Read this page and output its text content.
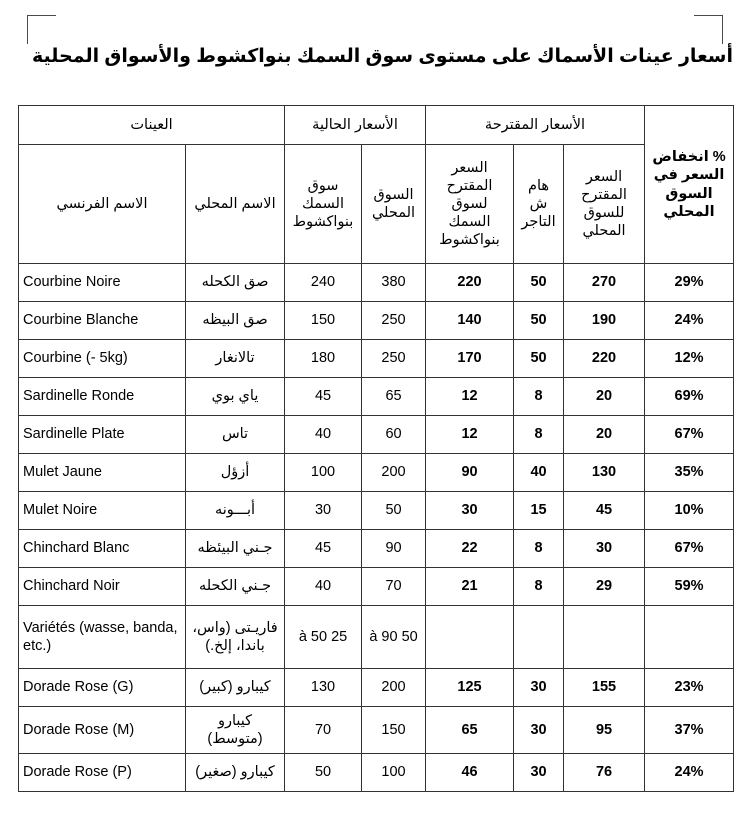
أسعار عينات الأسماك على مستوى سوق السمك بنواكشوط والأسواق المحلية
% انخفاض السعر في السوق المحلي	الأسعار المقترحة			الأسعار الحالية		العينات	
	السعر المقترح للسوق المحلي	هام ش التاجر	السعر المقترح لسوق السمك بنواكشوط	السوق المحلي	سوق السمك بنواكشوط	الاسم المحلي	الاسم الفرنسي
29%	270	50	220	380	240	صق الكحله	Courbine Noire
24%	190	50	140	250	150	صق البيظه	Courbine Blanche
12%	220	50	170	250	180	تالانغار	Courbine (- 5kg)
69%	20	8	12	65	45	ياي بوي	Sardinelle Ronde
67%	20	8	12	60	40	تاس	Sardinelle Plate
35%	130	40	90	200	100	أزؤل	Mulet Jaune
10%	45	15	30	50	30	أبـــونه	Mulet Noire
67%	30	8	22	90	45	جـني البيئظه	Chinchard Blanc
59%	29	8	21	70	40	جـني الكحله	Chinchard Noir
				50 à 90	25 à 50	فاريـتى (واس، باندا، إلخ.)	Variétés (wasse, banda, etc.)
23%	155	30	125	200	130	كيبارو (كبير)	Dorade Rose (G)
37%	95	30	65	150	70	كيبارو (متوسط)	Dorade Rose (M)
24%	76	30	46	100	50	كيبارو (صغير)	Dorade Rose (P)
